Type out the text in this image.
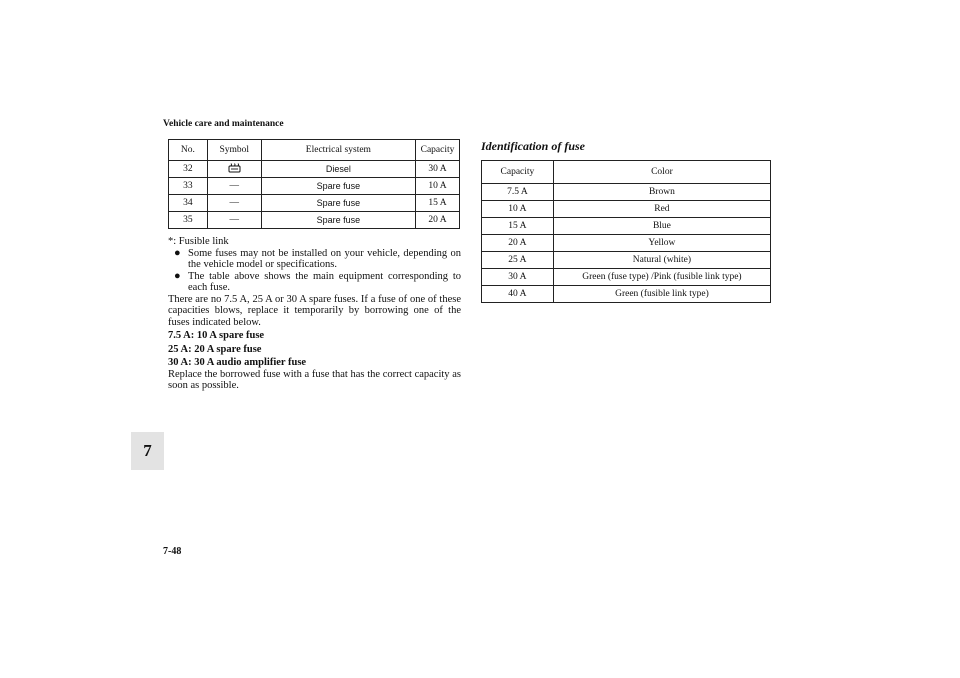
Vehicle care and maintenance
No.	Symbol	Electrical system	Capacity
32		Diesel	30 A
33	—	Spare fuse	10 A
34	—	Spare fuse	15 A
35	—	Spare fuse	20 A

*: Fusible link

● Some fuses may not be installed on your vehicle, depending on the vehicle model or specifications.
● The table above shows the main equipment corresponding to each fuse.

There are no 7.5 A, 25 A or 30 A spare fuses. If a fuse of one of these capacities blows, replace it temporarily by borrowing one of the fuses indicated below.

7.5 A: 10 A spare fuse

25 A: 20 A spare fuse

30 A: 30 A audio amplifier fuse

Replace the borrowed fuse with a fuse that has the correct capacity as soon as possible.

Identification of fuse
Capacity	Color
7.5 A	Brown
10 A	Red
15 A	Blue
20 A	Yellow
25 A	Natural (white)
30 A	Green (fuse type) /Pink (fusible link type)
40 A	Green (fusible link type)
7
7-48
